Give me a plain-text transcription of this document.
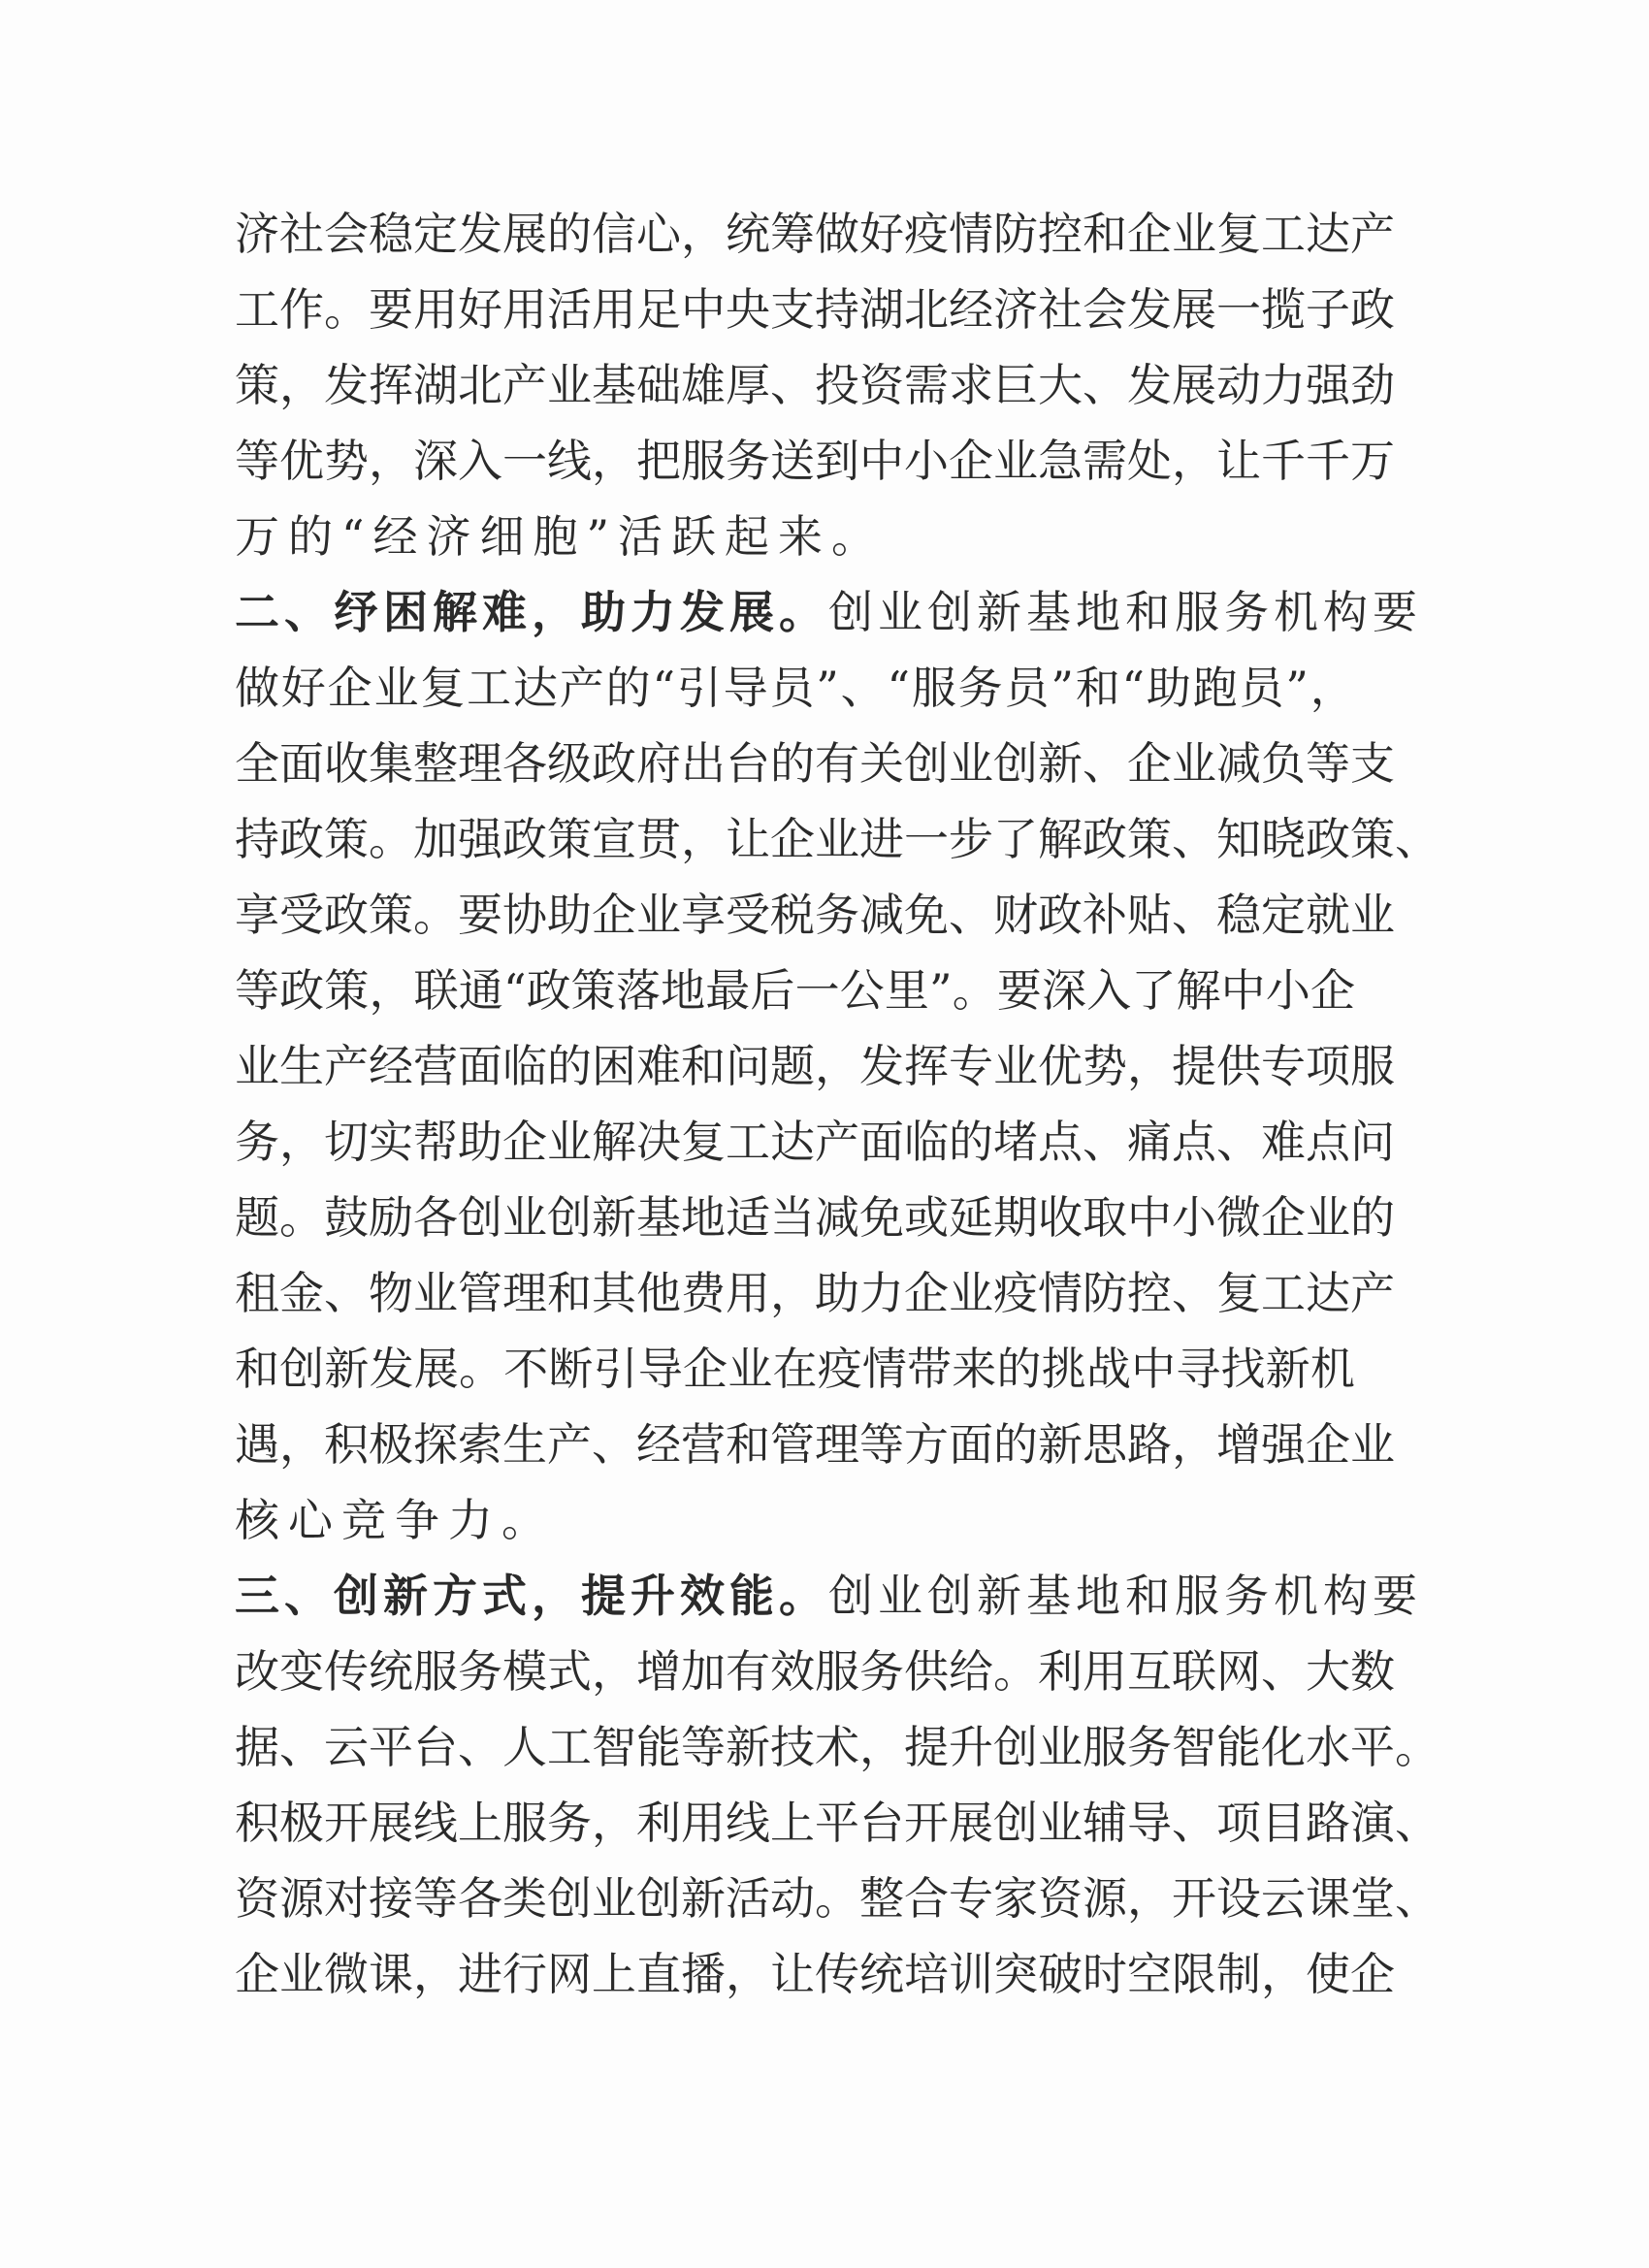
济 社 会 稳 定 发 展 的 信 心 ， 统 筹 做 好 疫 情 防 控 和 企 业 复 工 达 产
工 作 。 要 用 好 用 活 用 足 中 央 支 持 湖 北 经 济 社 会 发 展 一 揽 子 政
策 ， 发 挥 湖 北 产 业 基 础 雄 厚 、 投 资 需 求 巨 大 、 发 展 动 力 强 劲
等 优 势 ， 深 入 一 线 ， 把 服 务 送 到 中 小 企 业 急 需 处 ， 让 千 千 万
万的“经济细胞”活跃起来。
二、纾困解难，助力发展。 创业创新基地和服务机构要
做 好 企 业 复 工 达 产 的 “ 引 导 员 ” 、 “ 服 务 员 ” 和 “ 助 跑 员 ” ，
全 面 收 集 整 理 各 级 政 府 出 台 的 有 关 创 业 创 新 、 企 业 减 负 等 支
持 政 策 。 加 强 政 策 宣 贯 ， 让 企 业 进 一 步 了 解 政 策 、 知 晓 政 策 、
享 受 政 策 。 要 协 助 企 业 享 受 税 务 减 免 、 财 政 补 贴 、 稳 定 就 业
等 政 策 ， 联 通 “ 政 策 落 地 最 后 一 公 里 ” 。 要 深 入 了 解 中 小 企
业 生 产 经 营 面 临 的 困 难 和 问 题 ， 发 挥 专 业 优 势 ， 提 供 专 项 服
务 ， 切 实 帮 助 企 业 解 决 复 工 达 产 面 临 的 堵 点 、 痛 点 、 难 点 问
题 。 鼓 励 各 创 业 创 新 基 地 适 当 减 免 或 延 期 收 取 中 小 微 企 业 的
租 金 、 物 业 管 理 和 其 他 费 用 ， 助 力 企 业 疫 情 防 控 、 复 工 达 产
和 创 新 发 展 。 不 断 引 导 企 业 在 疫 情 带 来 的 挑 战 中 寻 找 新 机
遇 ， 积 极 探 索 生 产 、 经 营 和 管 理 等 方 面 的 新 思 路 ， 增 强 企 业
核心竞争力。
三、创新方式，提升效能。 创业创新基地和服务机构要
改 变 传 统 服 务 模 式 ， 增 加 有 效 服 务 供 给 。 利 用 互 联 网 、 大 数
据 、 云 平 台 、 人 工 智 能 等 新 技 术 ， 提 升 创 业 服 务 智 能 化 水 平 。
积 极 开 展 线 上 服 务 ， 利 用 线 上 平 台 开 展 创 业 辅 导 、 项 目 路 演 、
资 源 对 接 等 各 类 创 业 创 新 活 动 。 整 合 专 家 资 源 ， 开 设 云 课 堂 、
企 业 微 课 ， 进 行 网 上 直 播 ， 让 传 统 培 训 突 破 时 空 限 制 ， 使 企
